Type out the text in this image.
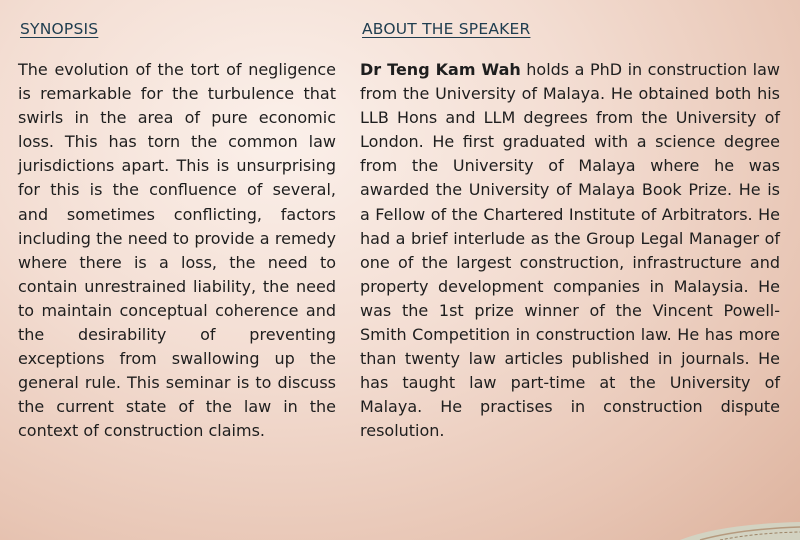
SYNOPSIS
The evolution of the tort of negligence is remarkable for the turbulence that swirls in the area of pure economic loss. This has torn the common law jurisdictions apart. This is unsurprising for this is the confluence of several, and sometimes conflicting, factors including the need to provide a remedy where there is a loss, the need to contain unrestrained liability, the need to maintain conceptual coherence and the desirability of preventing exceptions from swallowing up the general rule. This seminar is to discuss the current state of the law in the context of construction claims.
ABOUT THE SPEAKER
Dr Teng Kam Wah holds a PhD in construction law from the University of Malaya. He obtained both his LLB Hons and LLM degrees from the University of London. He first graduated with a science degree from the University of Malaya where he was awarded the University of Malaya Book Prize. He is a Fellow of the Chartered Institute of Arbitrators. He had a brief interlude as the Group Legal Manager of one of the largest construction, infrastructure and property development companies in Malaysia. He was the 1st prize winner of the Vincent Powell-Smith Competition in construction law. He has more than twenty law articles published in journals. He has taught law part-time at the University of Malaya. He practises in construction dispute resolution.
